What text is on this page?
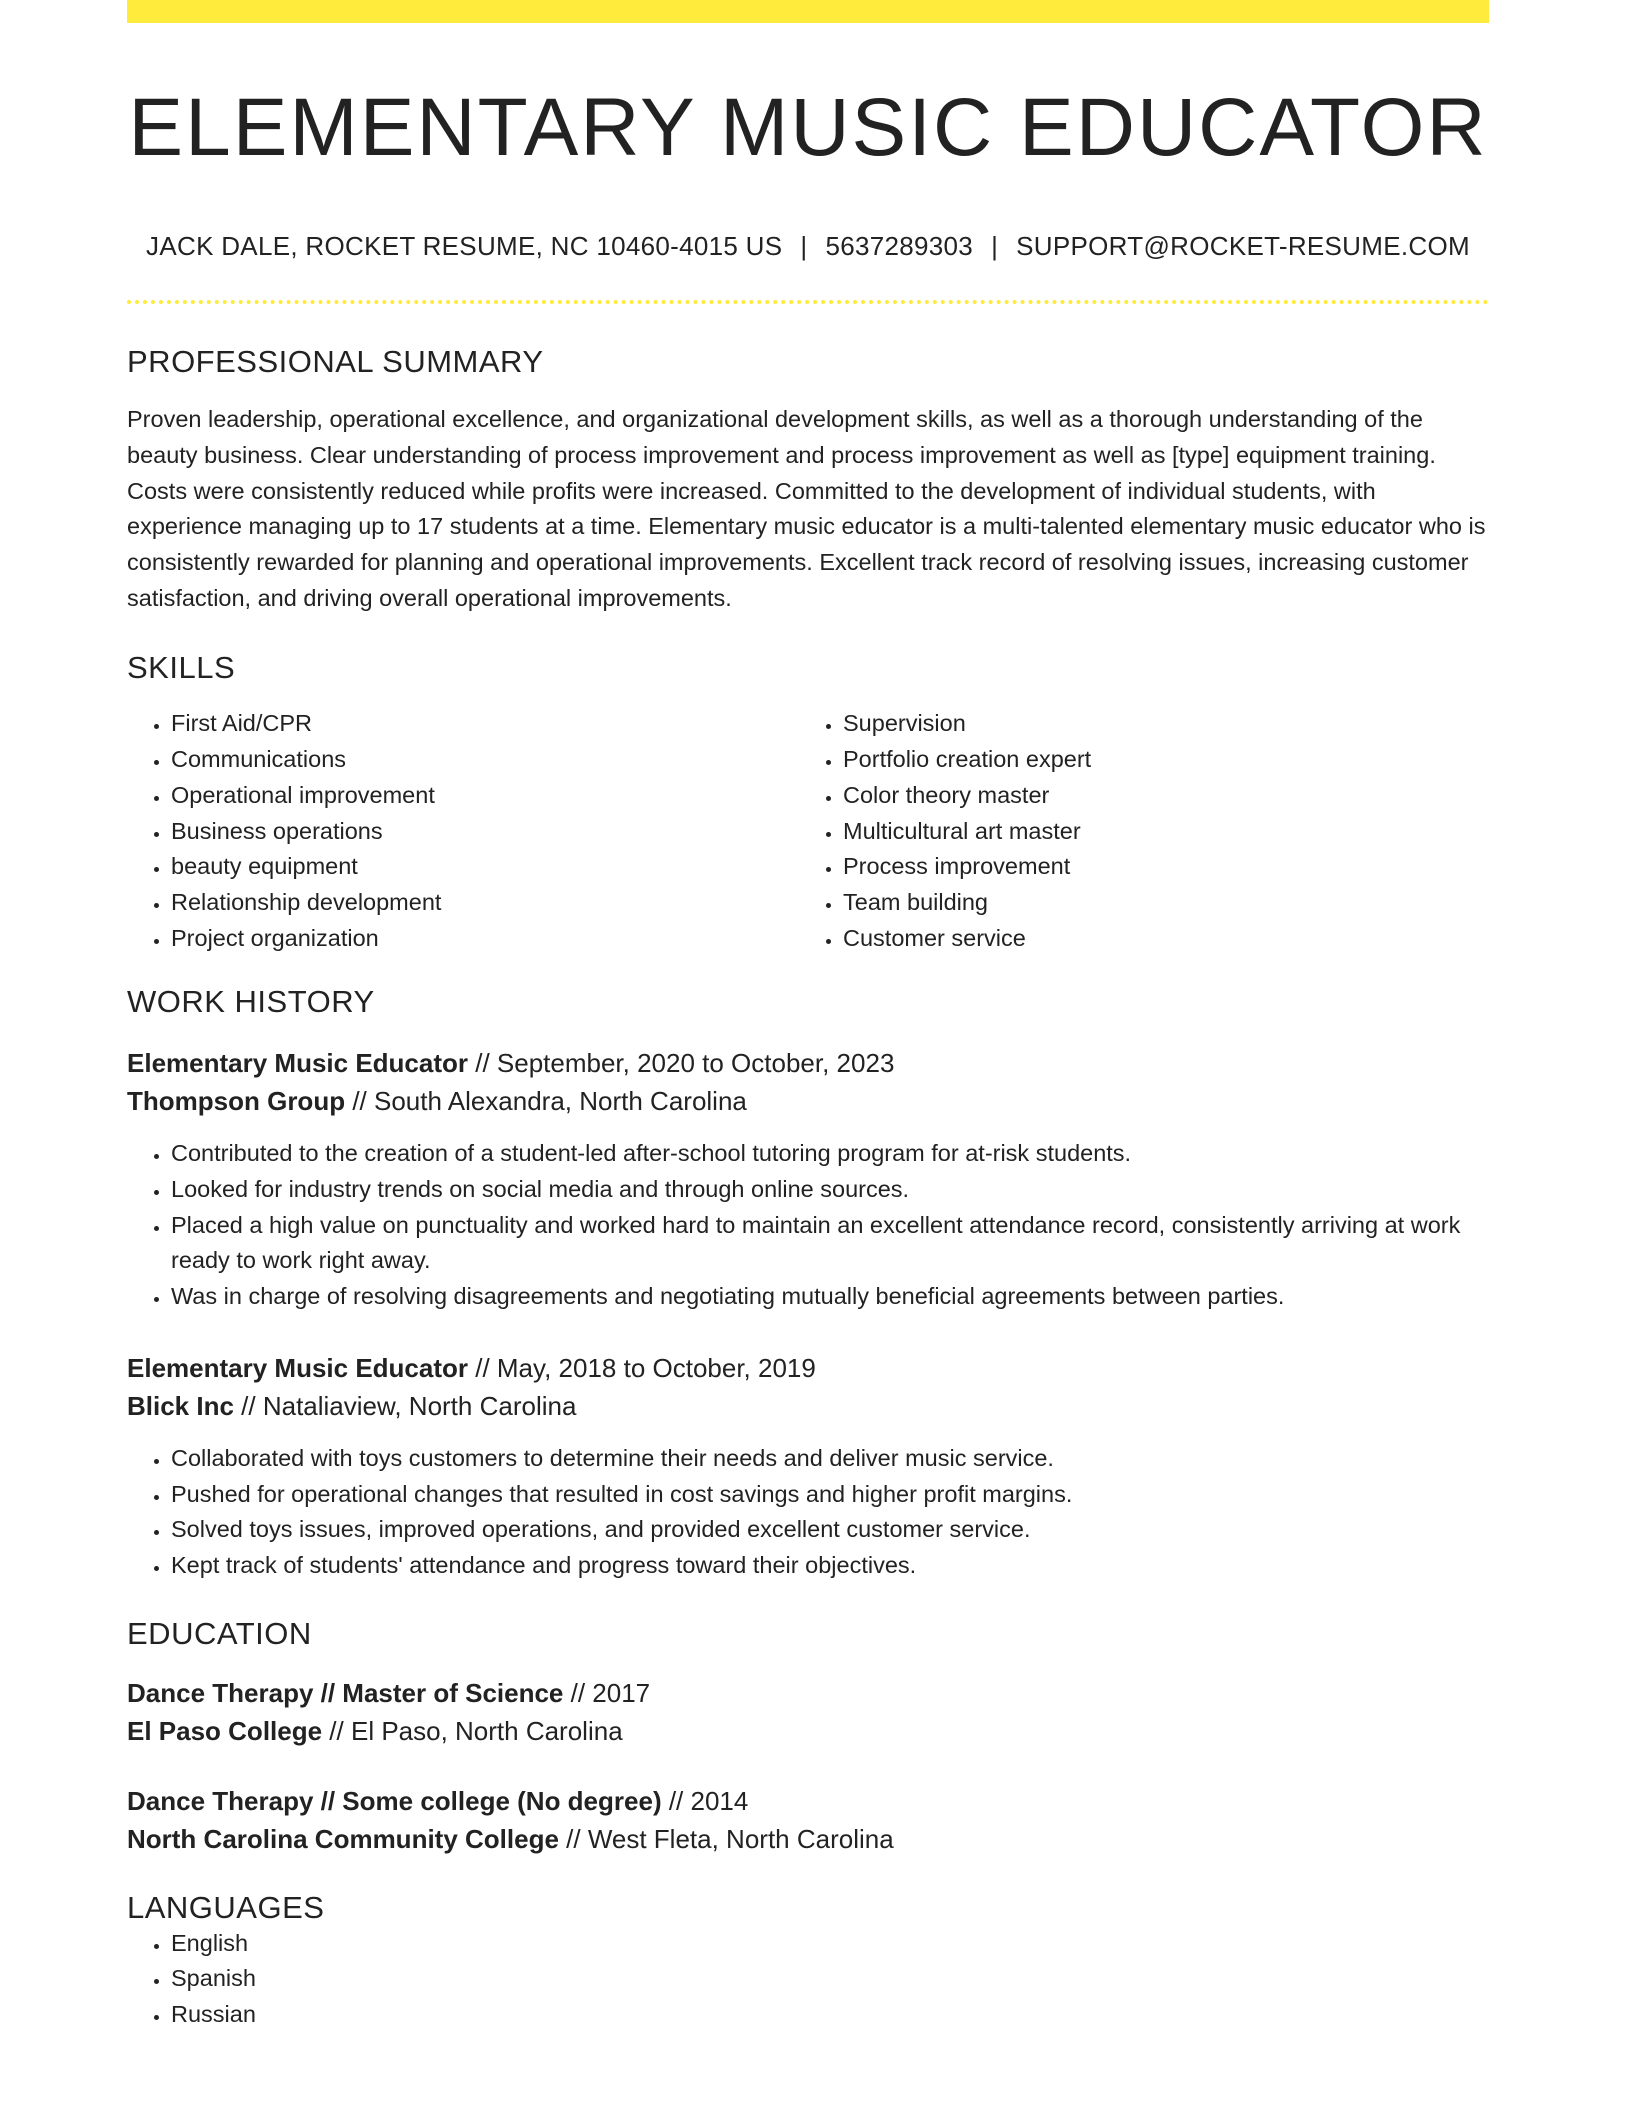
ELEMENTARY MUSIC EDUCATOR
JACK DALE, ROCKET RESUME, NC 10460-4015 US | 5637289303 | SUPPORT@ROCKET-RESUME.COM
PROFESSIONAL SUMMARY
Proven leadership, operational excellence, and organizational development skills, as well as a thorough understanding of the beauty business. Clear understanding of process improvement and process improvement as well as [type] equipment training. Costs were consistently reduced while profits were increased. Committed to the development of individual students, with experience managing up to 17 students at a time. Elementary music educator is a multi-talented elementary music educator who is consistently rewarded for planning and operational improvements. Excellent track record of resolving issues, increasing customer satisfaction, and driving overall operational improvements.
SKILLS
• First Aid/CPR
• Communications
• Operational improvement
• Business operations
• beauty equipment
• Relationship development
• Project organization
• Supervision
• Portfolio creation expert
• Color theory master
• Multicultural art master
• Process improvement
• Team building
• Customer service
WORK HISTORY
Elementary Music Educator // September, 2020 to October, 2023
Thompson Group // South Alexandra, North Carolina
• Contributed to the creation of a student-led after-school tutoring program for at-risk students.
• Looked for industry trends on social media and through online sources.
• Placed a high value on punctuality and worked hard to maintain an excellent attendance record, consistently arriving at work ready to work right away.
• Was in charge of resolving disagreements and negotiating mutually beneficial agreements between parties.
Elementary Music Educator // May, 2018 to October, 2019
Blick Inc // Nataliaview, North Carolina
• Collaborated with toys customers to determine their needs and deliver music service.
• Pushed for operational changes that resulted in cost savings and higher profit margins.
• Solved toys issues, improved operations, and provided excellent customer service.
• Kept track of students' attendance and progress toward their objectives.
EDUCATION
Dance Therapy // Master of Science // 2017
El Paso College // El Paso, North Carolina
Dance Therapy // Some college (No degree) // 2014
North Carolina Community College // West Fleta, North Carolina
LANGUAGES
• English
• Spanish
• Russian
